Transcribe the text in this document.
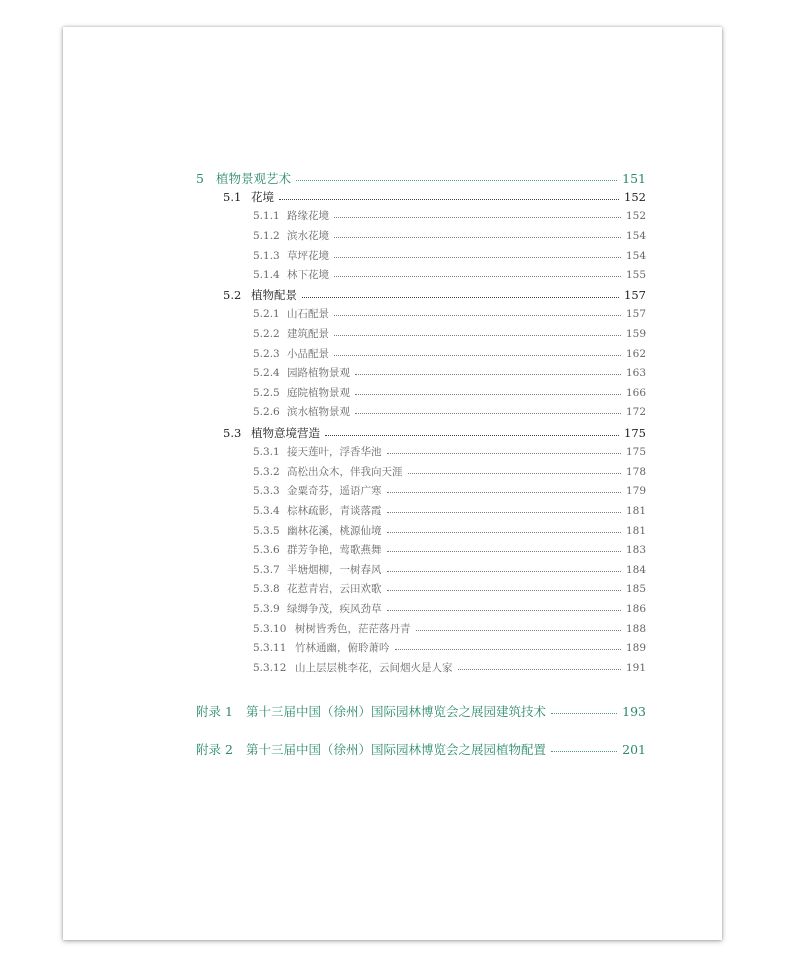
5 植物景观艺术	151
5.1 花境	152
5.1.1 路缘花境	152
5.1.2 滨水花境	154
5.1.3 草坪花境	154
5.1.4 林下花境	155
5.2 植物配景	157
5.2.1 山石配景	157
5.2.2 建筑配景	159
5.2.3 小品配景	162
5.2.4 园路植物景观	163
5.2.5 庭院植物景观	166
5.2.6 滨水植物景观	172
5.3 植物意境营造	175
5.3.1 接天莲叶，浮香华池	175
5.3.2 高松出众木，伴我向天涯	178
5.3.3 金粟奇芬，遥语广寒	179
5.3.4 棕林疏影，青谈落霞	181
5.3.5 幽林花溪，桃源仙境	181
5.3.6 群芳争艳，莺歌燕舞	183
5.3.7 半塘烟柳，一树春风	184
5.3.8 花惹青岩，云田欢歌	185
5.3.9 绿缛争茂，疾风劲草	186
5.3.10 树树皆秀色，茫茫落丹青	188
5.3.11 竹林通幽，俯聆萧吟	189
5.3.12 山上层层桃李花，云间烟火是人家	191
附录 1	第十三届中国（徐州）国际园林博览会之展园建筑技术	193
附录 2	第十三届中国（徐州）国际园林博览会之展园植物配置	201
